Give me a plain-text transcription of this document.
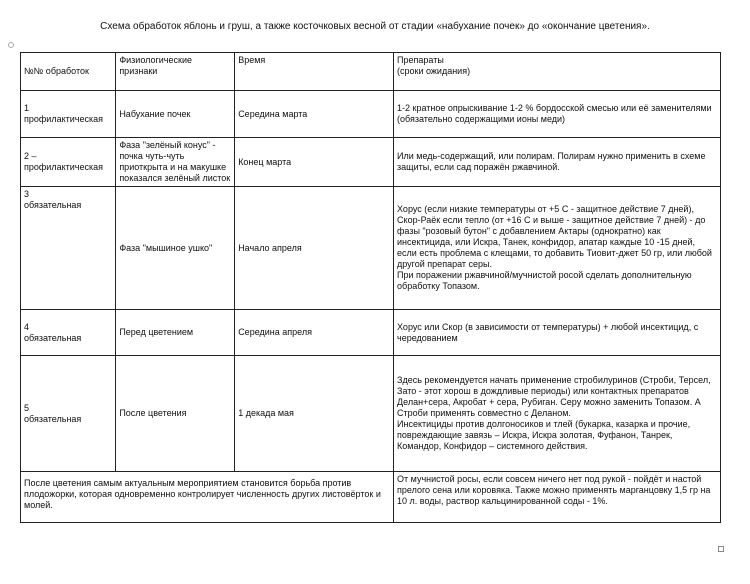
Схема обработок яблонь и груш, а также косточковых весной от стадии «набухание почек» до «окончание цветения».
№№ обработок	Физиологические признаки	Время	Препараты
(сроки ожидания)

1
профилактическая	Набухание почек	Середина марта	1-2 кратное опрыскивание 1-2 % бордосской смесью или её заменителями (обязательно содержащими ионы меди)

2 –
профилактическая	Фаза "зелёный конус" - почка чуть-чуть приоткрыта и на макушке показался зелёный листок	Конец марта	Или медь-содержащий, или полирам. Полирам нужно применить в схеме защиты, если сад поражён ржавчиной.

3
обязательная	Фаза "мышиное ушко"	Начало апреля	Хорус (если низкие температуры от +5 С - защитное действие 7 дней), Скор-Раёк если тепло (от +16 С и выше - защитное действие 7 дней) - до фазы "розовый бутон" с добавлением Актары (однократно) как инсектицида, или Искра, Танек, конфидор, апатар каждые 10 -15 дней, если есть проблема с клещами, то добавить Тиовит-джет 50 гр, или любой другой препарат серы.
При поражении ржавчиной/мучнистой росой сделать дополнительную обработку Топазом.

4
обязательная	Перед цветением	Середина апреля	Хорус или Скор (в зависимости от температуры) + любой инсектицид, с чередованием

5
обязательная	После цветения	1 декада мая	Здесь рекомендуется начать применение стробилуринов (Строби, Терсел, Зато - этот хорош в дождливые периоды) или контактных препаратов Делан+сера, Акробат + сера, Рубиган. Серу можно заменить Топазом. А Строби применять совместно с Деланом.
Инсектициды против долгоносиков и тлей (букарка, казарка и прочие, повреждающие завязь – Искра, Искра золотая, Фуфанон, Танрек, Командор, Конфидор – системного действия.
После цветения самым актуальным мероприятием становится борьба против плодожорки, которая одновременно контролирует численность других листовёрток и молей.			От мучнистой росы, если совсем ничего нет под рукой - пойдёт и настой прелого сена или коровяка. Также можно применять марганцовку 1,5 гр на 10 л. воды, раствор кальцинированной соды - 1%.
